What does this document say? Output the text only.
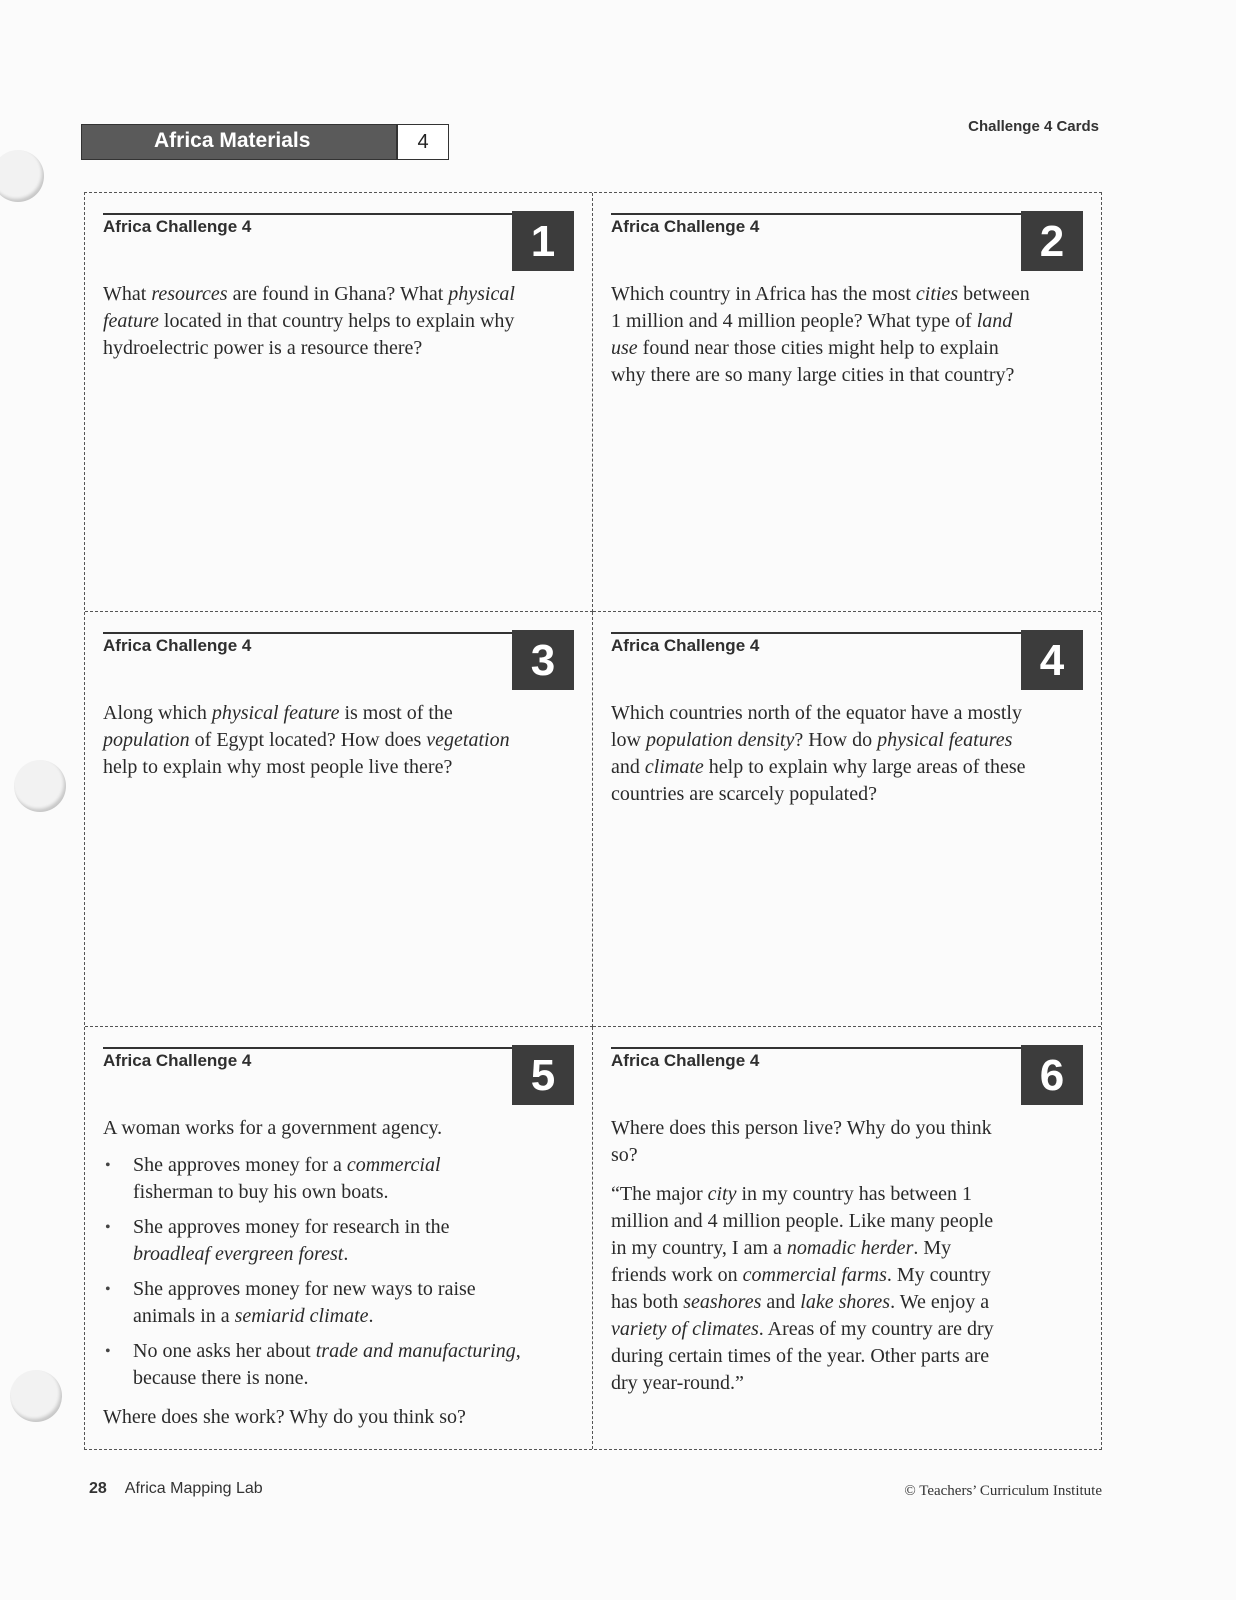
Africa Materials	4
Challenge 4 Cards
Africa Challenge 4	1

What resources are found in Ghana? What physical feature located in that country helps to explain why hydroelectric power is a resource there?

Africa Challenge 4	2

Which country in Africa has the most cities between 1 million and 4 million people? What type of land use found near those cities might help to explain why there are so many large cities in that country?

Africa Challenge 4	3

Along which physical feature is most of the population of Egypt located? How does vegetation help to explain why most people live there?

Africa Challenge 4	4

Which countries north of the equator have a mostly low population density? How do physical features and climate help to explain why large areas of these countries are scarcely populated?

Africa Challenge 4	5

A woman works for a government agency.

• She approves money for a commercial fisherman to buy his own boats.
• She approves money for research in the broadleaf evergreen forest.
• She approves money for new ways to raise animals in a semiarid climate.
• No one asks her about trade and manufacturing, because there is none.

Where does she work? Why do you think so?

Africa Challenge 4	6

Where does this person live? Why do you think so?

“The major city in my country has between 1 million and 4 million people. Like many people in my country, I am a nomadic herder. My friends work on commercial farms. My country has both seashores and lake shores. We enjoy a variety of climates. Areas of my country are dry during certain times of the year. Other parts are dry year-round.”

28 Africa Mapping Lab	© Teachers’ Curriculum Institute
